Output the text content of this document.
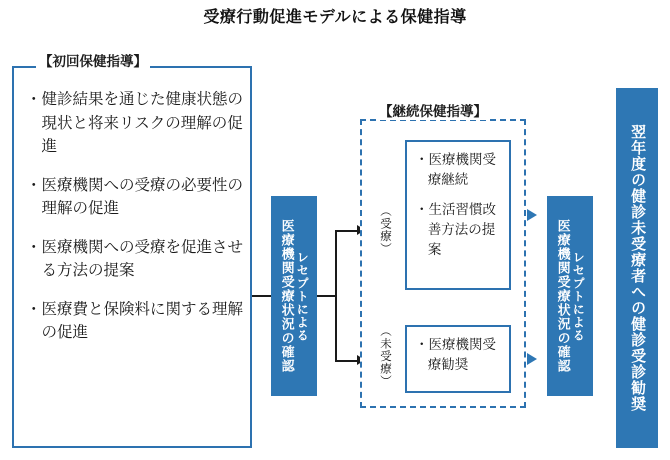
受療行動促進モデルによる保健指導
【初回保健指導】
・健診結果を通じた健康状態の現状と将来リスクの理解の促進
・医療機関への受療の必要性の理解の促進
・医療機関への受療を促進させる方法の提案
・医療費と保険料に関する理解の促進	医療機関受療状況の確認 レセプトによる
【継続保健指導】
（受療）
（未受療）
・医療機関受療継続
・生活習慣改善方法の提案
・医療機関受療勧奨	医療機関受療状況の確認 レセプトによる	翌年度の健診未受療者への健診受診勧奨
